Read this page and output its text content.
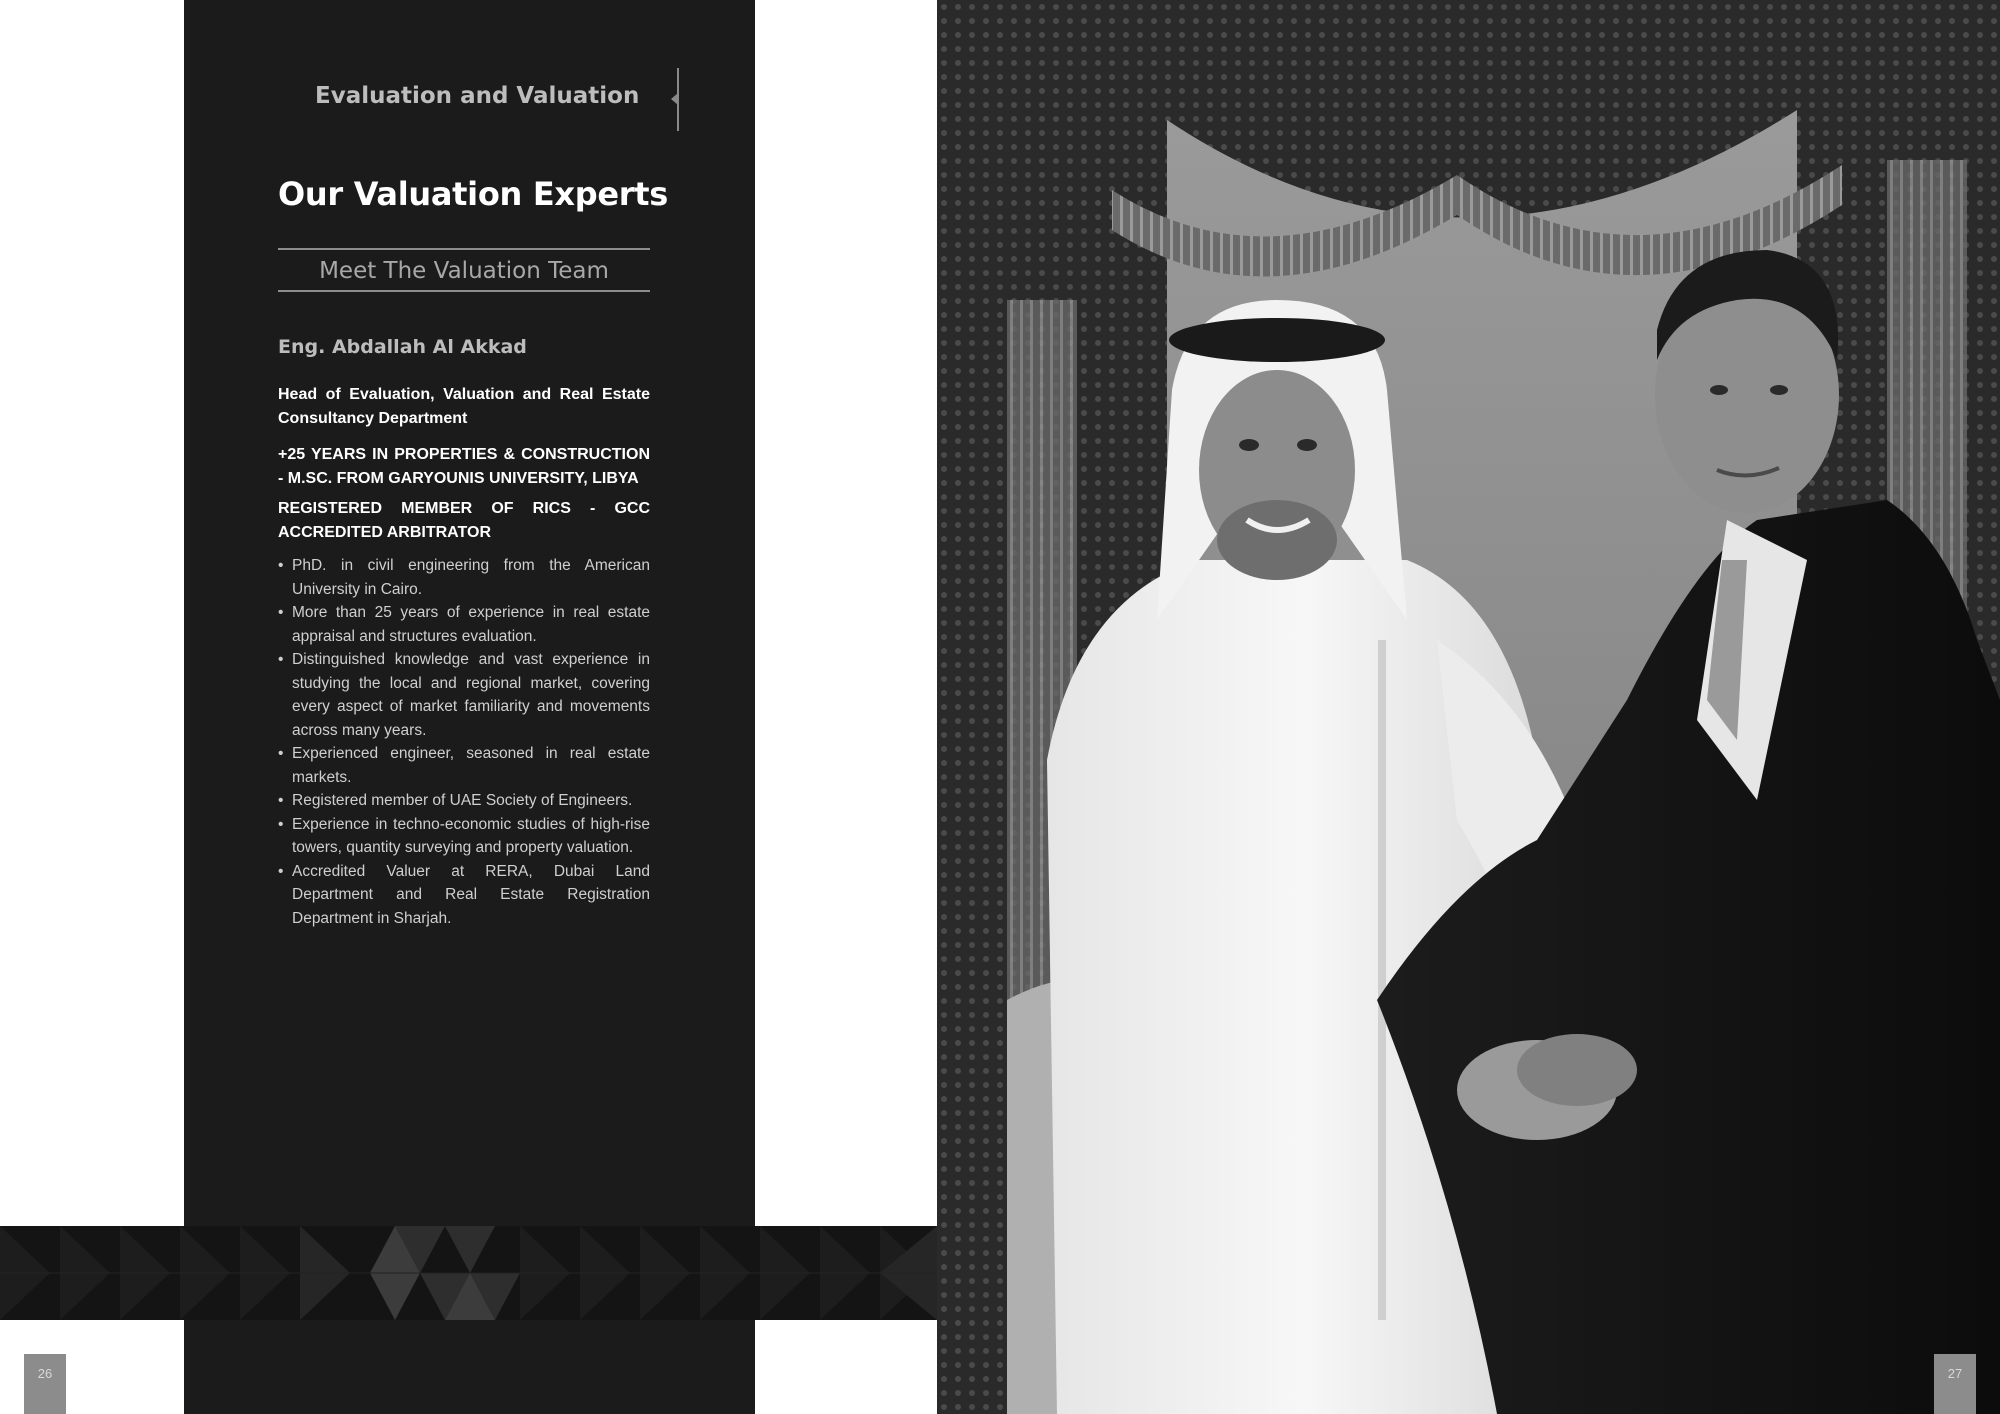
Evaluation and Valuation
Our Valuation Experts
Meet The Valuation Team
Eng. Abdallah Al Akkad

Head of Evaluation, Valuation and Real Estate Consultancy Department

+25 YEARS IN PROPERTIES & CONSTRUCTION - M.SC. FROM GARYOUNIS UNIVERSITY, LIBYA

REGISTERED MEMBER OF RICS - GCC ACCREDITED ARBITRATOR

• PhD. in civil engineering from the American University in Cairo.
• More than 25 years of experience in real estate appraisal and structures evaluation.
• Distinguished knowledge and vast experience in studying the local and regional market, covering every aspect of market familiarity and movements across many years.
• Experienced engineer, seasoned in real estate markets.
• Registered member of UAE Society of Engineers.
• Experience in techno-economic studies of high-rise towers, quantity surveying and property valuation.
• Accredited Valuer at RERA, Dubai Land Department and Real Estate Registration Department in Sharjah.
26	27
